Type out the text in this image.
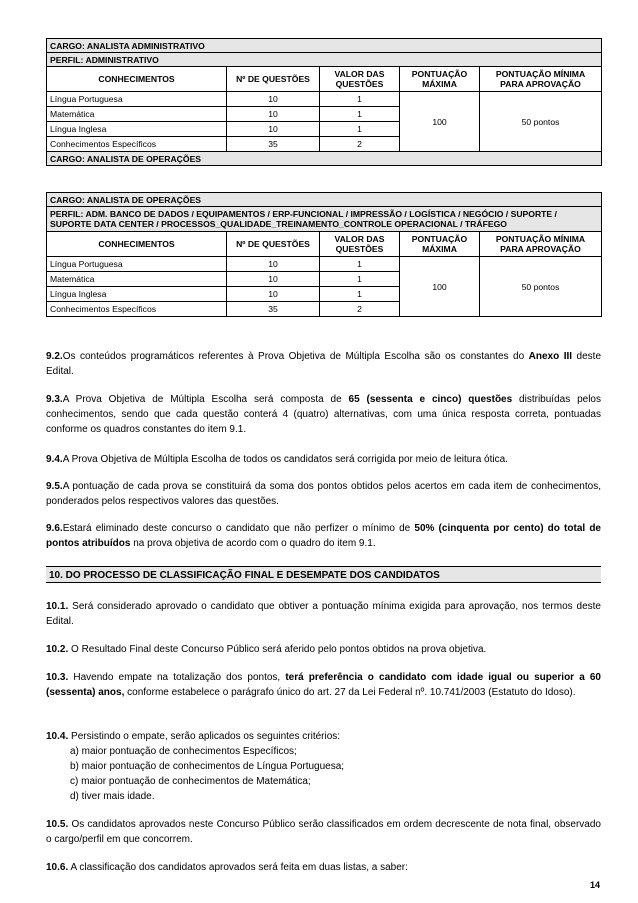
CARGO: ANALISTA ADMINISTRATIVO				
PERFIL: ADMINISTRATIVO				
CONHECIMENTOS	Nº DE QUESTÕES	VALOR DAS QUESTÕES	PONTUAÇÃO MÁXIMA	PONTUAÇÃO MÍNIMA PARA APROVAÇÃO
Língua Portuguesa	10	1	100	50 pontos
Matemática	10	1		
Língua Inglesa	10	1		
Conhecimentos Específicos	35	2		
CARGO: ANALISTA DE OPERAÇÕES				
CARGO: ANALISTA DE OPERAÇÕES				
PERFIL: ADM. BANCO DE DADOS / EQUIPAMENTOS / ERP-FUNCIONAL / IMPRESSÃO / LOGÍSTICA / NEGÓCIO / SUPORTE / SUPORTE DATA CENTER / PROCESSOS_QUALIDADE_TREINAMENTO_CONTROLE OPERACIONAL / TRÁFEGO				
CONHECIMENTOS	Nº DE QUESTÕES	VALOR DAS QUESTÕES	PONTUAÇÃO MÁXIMA	PONTUAÇÃO MÍNIMA PARA APROVAÇÃO
Língua Portuguesa	10	1	100	50 pontos
Matemática	10	1		
Língua Inglesa	10	1		
Conhecimentos Específicos	35	2		
9.2.Os conteúdos programáticos referentes à Prova Objetiva de Múltipla Escolha são os constantes do Anexo III deste Edital.
9.3.A Prova Objetiva de Múltipla Escolha será composta de 65 (sessenta e cinco) questões distribuídas pelos conhecimentos, sendo que cada questão conterá 4 (quatro) alternativas, com uma única resposta correta, pontuadas conforme os quadros constantes do item 9.1.
9.4.A Prova Objetiva de Múltipla Escolha de todos os candidatos será corrigida por meio de leitura ótica.
9.5.A pontuação de cada prova se constituirá da soma dos pontos obtidos pelos acertos em cada item de conhecimentos, ponderados pelos respectivos valores das questões.
9.6.Estará eliminado deste concurso o candidato que não perfizer o mínimo de 50% (cinquenta por cento) do total de pontos atribuídos na prova objetiva de acordo com o quadro do item 9.1.
10. DO PROCESSO DE CLASSIFICAÇÃO FINAL E DESEMPATE DOS CANDIDATOS
10.1. Será considerado aprovado o candidato que obtiver a pontuação mínima exigida para aprovação, nos termos deste Edital.
10.2. O Resultado Final deste Concurso Público será aferido pelo pontos obtidos na prova objetiva.
10.3. Havendo empate na totalização dos pontos, terá preferência o candidato com idade igual ou superior a 60 (sessenta) anos, conforme estabelece o parágrafo único do art. 27 da Lei Federal nº. 10.741/2003 (Estatuto do Idoso).
10.4. Persistindo o empate, serão aplicados os seguintes critérios:
a) maior pontuação de conhecimentos Específicos;
b) maior pontuação de conhecimentos de Língua Portuguesa;
c) maior pontuação de conhecimentos de Matemática;
d) tiver mais idade.
10.5. Os candidatos aprovados neste Concurso Público serão classificados em ordem decrescente de nota final, observado o cargo/perfil em que concorrem.
10.6. A classificação dos candidatos aprovados será feita em duas listas, a saber:
14
